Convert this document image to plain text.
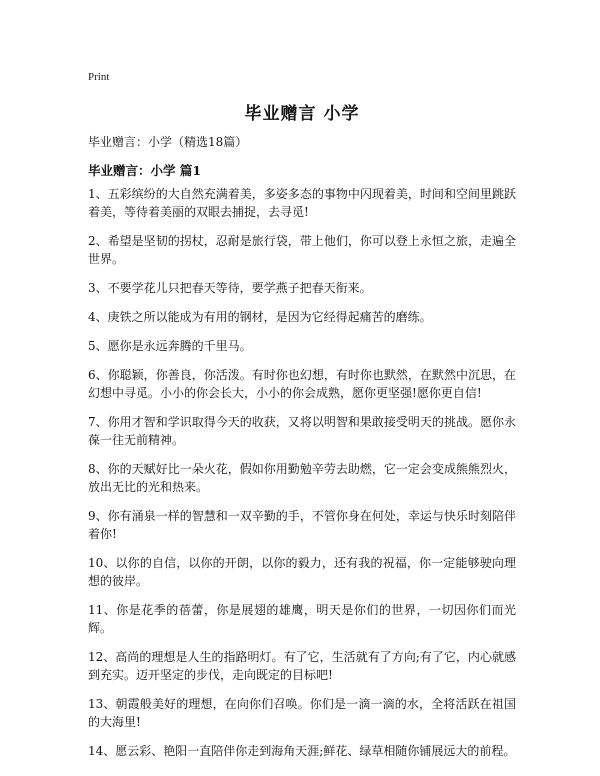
Print
毕业赠言 小学
毕业赠言：小学（精选18篇）
毕业赠言：小学 篇1

1、五彩缤纷的大自然充满着美，多姿多态的事物中闪现着美，时间和空间里跳跃着美，等待着美丽的双眼去捕捉，去寻觅!

2、希望是坚韧的拐杖，忍耐是旅行袋，带上他们，你可以登上永恒之旅，走遍全世界。

3、不要学花儿只把春天等待，要学燕子把春天衔来。

4、庚铁之所以能成为有用的钢材，是因为它经得起痛苦的磨练。

5、愿你是永远奔腾的千里马。

6、你聪颖，你善良，你活泼。有时你也幻想，有时你也默然，在默然中沉思，在幻想中寻觅。小小的你会长大，小小的你会成熟，愿你更坚强!愿你更自信!

7、你用才智和学识取得今天的收获，又将以明智和果敢接受明天的挑战。愿你永葆一往无前精神。

8、你的天赋好比一朵火花，假如你用勤勉辛劳去助燃，它一定会变成熊熊烈火，放出无比的光和热来。

9、你有涌泉一样的智慧和一双辛勤的手，不管你身在何处，幸运与快乐时刻陪伴着你!

10、以你的自信，以你的开朗，以你的毅力，还有我的祝福，你一定能够驶向理想的彼岸。

11、你是花季的蓓蕾，你是展翅的雄鹰，明天是你们的世界，一切因你们而光辉。

12、高尚的理想是人生的指路明灯。有了它，生活就有了方向;有了它，内心就感到充实。迈开坚定的步伐，走向既定的目标吧!

13、朝霞般美好的理想，在向你们召唤。你们是一滴一滴的水，全将活跃在祖国的大海里!

14、愿云彩、艳阳一直陪伴你走到海角天涯;鲜花、绿草相随你铺展远大的前程。
